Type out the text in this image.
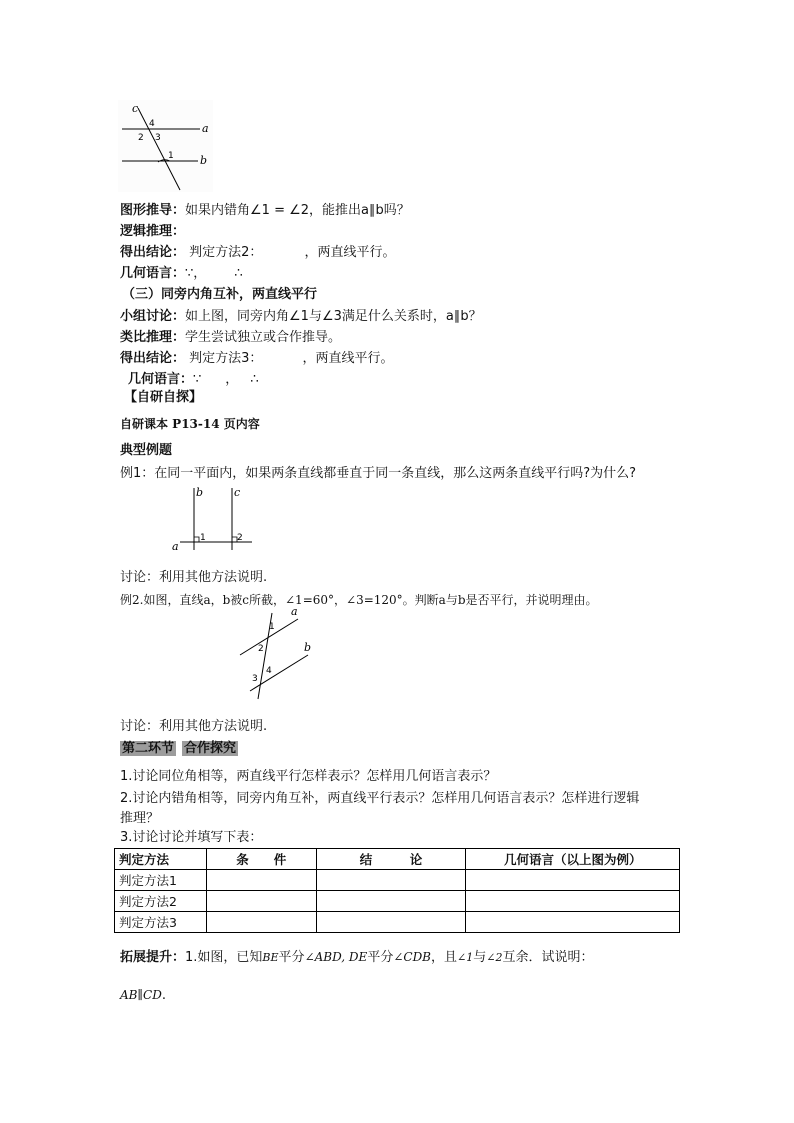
c
a
b
4
2 3
1
图形推导：如果内错角∠1 = ∠2，能推出a∥b吗？
逻辑推理：
得出结论： 判定方法2：	，两直线平行。
几何语言：∵， ∴
（三）同旁内角互补，两直线平行
小组讨论：如上图，同旁内角∠1与∠3满足什么关系时，a∥b？
类比推理：学生尝试独立或合作推导。
得出结论： 判定方法3：	，两直线平行。
几何语言：∵ ， ∴
【自研自探】
自研课本 P13-14 页内容
典型例题
例1：在同一平面内，如果两条直线都垂直于同一条直线，那么这两条直线平行吗?为什么?
b	c
a
1	2
讨论：利用其他方法说明.
例2.如图，直线a，b被c所截，∠1=60°，∠3=120°。判断a与b是否平行，并说明理由。
a
b
1
2
3
4
讨论：利用其他方法说明.
第二环节 合作探究
1.讨论同位角相等，两直线平行怎样表示？怎样用几何语言表示？
2.讨论内错角相等，同旁内角互补，两直线平行表示？怎样用几何语言表示？怎样进行逻辑
推理？
3.讨论讨论并填写下表：
判定方法	条　　件	结　　　论	几何语言（以上图为例）
判定方法1			
判定方法2			
判定方法3			
拓展提升：1.如图，已知BE平分∠ABD, DE平分∠CDB，且∠1与∠2互余．试说明：
AB∥CD.
